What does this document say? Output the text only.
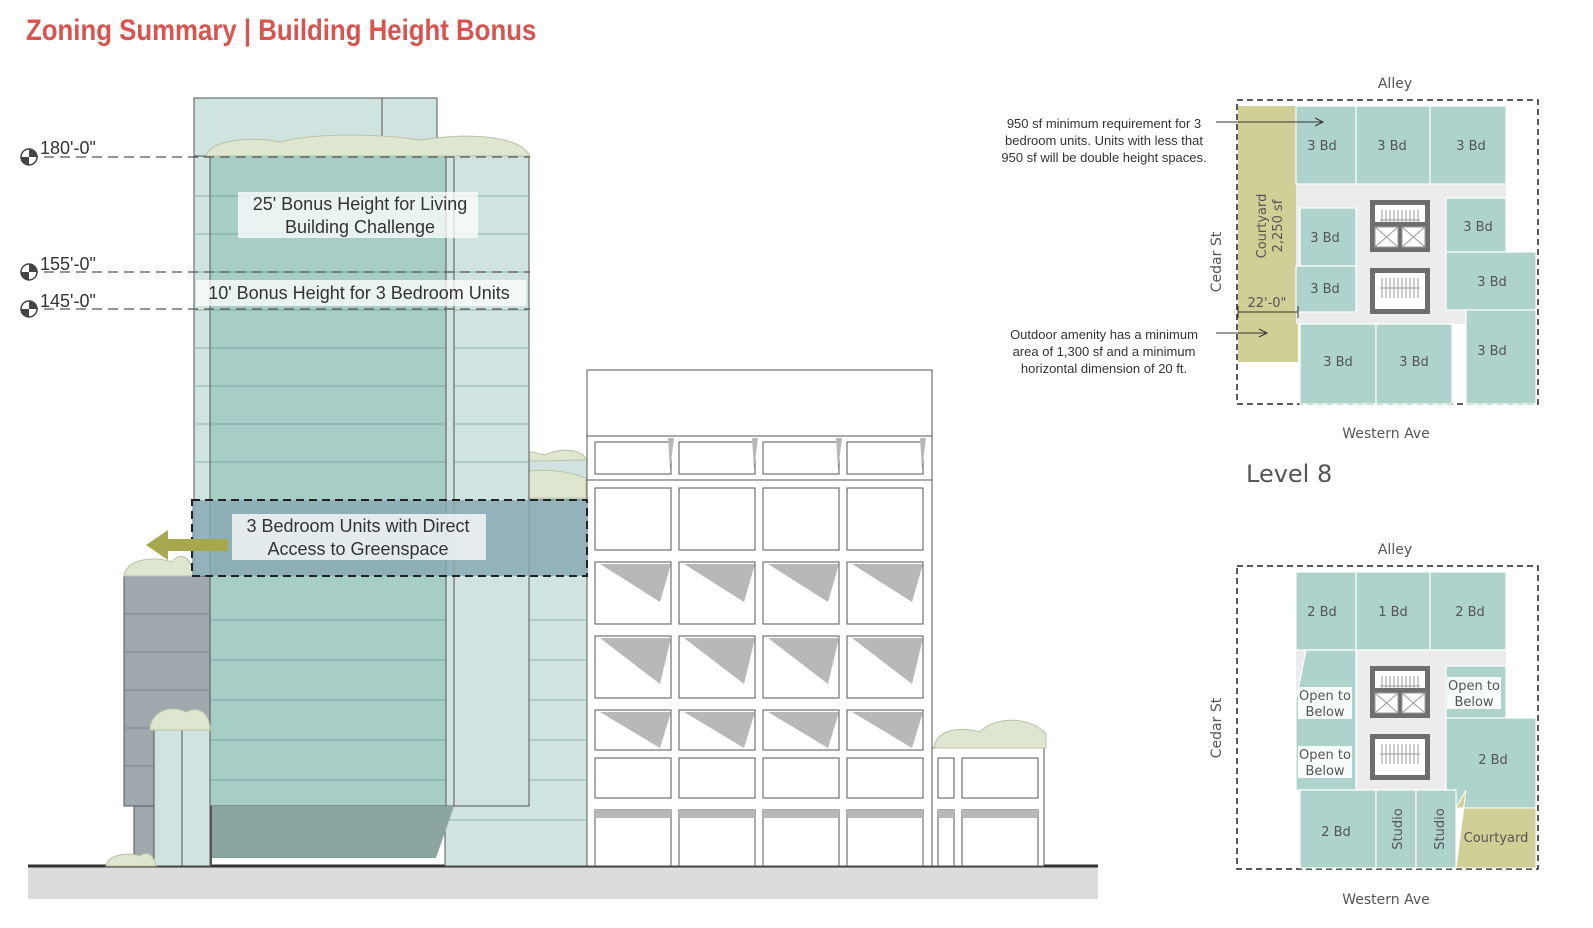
Zoning Summary | Building Height Bonus
180'-0"
155'-0"
145'-0"
25' Bonus Height for Living
Building Challenge
10' Bonus Height for 3 Bedroom Units
3 Bedroom Units with Direct
Access to Greenspace
Alley
Western Ave
Cedar St
3 Bd	3 Bd	3 Bd
3 Bd
3 Bd
3 Bd
3 Bd
3 Bd	3 Bd
3 Bd
Courtyard 2,250 sf
22'-0"
950 sf minimum requirement for 3
bedroom units. Units with less that
950 sf will be double height spaces.
Outdoor amenity has a minimum
area of 1,300 sf and a minimum
horizontal dimension of 20 ft.
Level 8
Alley
Western Ave
Cedar St
2 Bd	1 Bd	2 Bd
2 Bd
2 Bd	Courtyard
Open to
Below
Open to
Below
Open to
Below
Studio Studio
